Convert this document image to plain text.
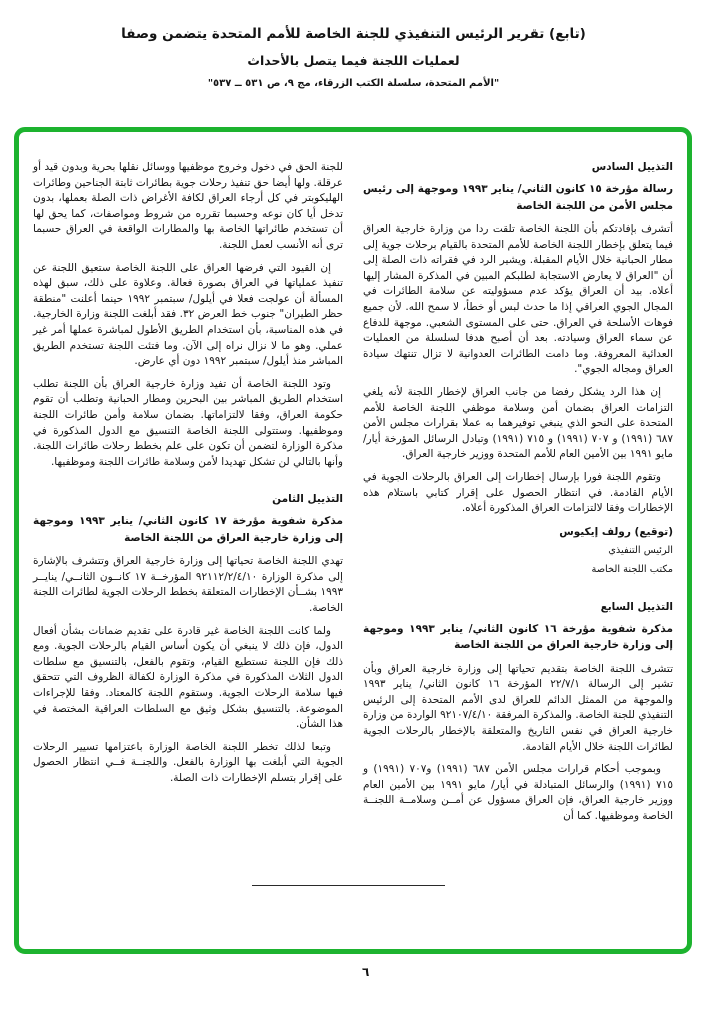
(تابع) تقرير الرئيس التنفيذي للجنة الخاصة للأمم المتحدة يتضمن وصفا

لعمليات اللجنة فيما يتصل بالأحداث

"الأمم المتحدة، سلسلة الكتب الزرقاء، مج ٩، ص ٥٣١ ــ ٥٣٧"

التذييل السادس

رسالة مؤرخة ١٥ كانون الثاني/ يناير ١٩٩٣ وموجهة إلى رئيس مجلس الأمن من اللجنة الخاصة

أتشرف بإفادتكم بأن اللجنة الخاصة تلقت ردا من وزارة خارجية العراق فيما يتعلق بإخطار اللجنة الخاصة للأمم المتحدة بالقيام برحلات جوية إلى مطار الحبانية خلال الأيام المقبلة. ويشير الرد في فقراته ذات الصلة إلى أن "العراق لا يعارض الاستجابة لطلبكم المبين في المذكرة المشار إليها أعلاه. بيد أن العراق يؤكد عدم مسؤوليته عن سلامة الطائرات في المجال الجوي العراقي إذا ما حدث لبس أو خطأ، لا سمح الله. لأن جميع فوهات الأسلحة في العراق. حتى على المستوى الشعبي. موجهة للدفاع عن سماء العراق وسيادته. بعد أن أصبح هدفا لسلسلة من العمليات العدائية المعروفة. وما دامت الطائرات العدوانية لا تزال تنتهك سيادة العراق ومجاله الجوي".

إن هذا الرد يشكل رفضا من جانب العراق لإخطار اللجنة لأنه يلغي التزامات العراق بضمان أمن وسلامة موظفي اللجنة الخاصة للأمم المتحدة على النحو الذي ينبغي توفيرهما به عملا بقرارات مجلس الأمن ٦٨٧ (١٩٩١) و ٧٠٧ (١٩٩١) و ٧١٥ (١٩٩١) وتبادل الرسائل المؤرخة أيار/ مايو ١٩٩١ بين الأمين العام للأمم المتحدة ووزير خارجية العراق.

وتقوم اللجنة فورا بإرسال إخطارات إلى العراق بالرحلات الجوية في الأيام القادمة. في انتظار الحصول على إقرار كتابي باستلام هذه الإخطارات وفقا لالتزامات العراق المذكورة أعلاه.

(توقيع) رولف إيكيوس

الرئيس التنفيذي

مكتب اللجنة الخاصة

التذييل السابع

مذكرة شفوية مؤرخة ١٦ كانون الثاني/ يناير ١٩٩٣ وموجهة إلى وزارة خارجية العراق من اللجنة الخاصة

تتشرف اللجنة الخاصة بتقديم تحياتها إلى وزارة خارجية العراق وبأن تشير إلى الرسالة ٢٢/٧/١ المؤرخة ١٦ كانون الثاني/ يناير ١٩٩٣ والموجهة من الممثل الدائم للعراق لدى الأمم المتحدة إلى الرئيس التنفيذي للجنة الخاصة. والمذكرة المرفقة ٩٢١٠٧/٤/١٠ الواردة من وزارة خارجية العراق في نفس التاريخ والمتعلقة بالإخطار بالرحلات الجوية لطائرات اللجنة خلال الأيام القادمة.

وبموجب أحكام قرارات مجلس الأمن ٦٨٧ (١٩٩١) و٧٠٧ (١٩٩١) و ٧١٥ (١٩٩١) والرسائل المتبادلة في أيار/ مايو ١٩٩١ بين الأمين العام ووزير خارجية العراق، فإن العراق مسؤول عن أمــن وسلامــة اللجنــة الخاصة وموظفيها. كما أن

للجنة الحق في دخول وخروج موظفيها ووسائل نقلها بحرية وبدون قيد أو عرقلة. ولها أيضا حق تنفيذ رحلات جوية بطائرات ثابتة الجناحين وطائرات الهليكوبتر في كل أرجاء العراق لكافة الأغراض ذات الصلة بعملها، بدون تدخل أيا كان نوعه وحسبما تقرره من شروط ومواصفات، كما يحق لها أن تستخدم طائراتها الخاصة بها والمطارات الواقعة في العراق حسبما ترى أنه الأنسب لعمل اللجنة.

إن القيود التي فرضها العراق على اللجنة الخاصة ستعيق اللجنة عن تنفيذ عملياتها في العراق بصورة فعالة. وعلاوة على ذلك، سبق لهذه المسألة أن عولجت فعلا في أيلول/ سبتمبر ١٩٩٢ حينما أعلنت "منطقة حظر الطيران" جنوب خط العرض ٣٢. فقد أبلغت اللجنة وزارة الخارجية. في هذه المناسبة، بأن استخدام الطريق الأطول لمباشرة عملها أمر غير عملي. وهو ما لا نزال نراه إلى الآن. وما فتئت اللجنة تستخدم الطريق المباشر منذ أيلول/ سبتمبر ١٩٩٢ دون أي عارض.

وتود اللجنة الخاصة أن تفيد وزارة خارجية العراق بأن اللجنة تطلب استخدام الطريق المباشر بين البحرين ومطار الحبانية وتطلب أن تقوم حكومة العراق، وفقا لالتزاماتها. بضمان سلامة وأمن طائرات اللجنة وموظفيها. وستتولى اللجنة الخاصة التنسيق مع الدول المذكورة في مذكرة الوزارة لتضمن أن تكون على علم بخطط رحلات طائرات اللجنة. وأنها بالتالي لن تشكل تهديدا لأمن وسلامة طائرات اللجنة وموظفيها.

التذييل الثامن

مذكرة شفوية مؤرخة ١٧ كانون الثاني/ يناير ١٩٩٣ وموجهة إلى وزارة خارجية العراق من اللجنة الخاصة

تهدي اللجنة الخاصة تحياتها إلى وزارة خارجية العراق وتتشرف بالإشارة إلى مذكرة الوزارة ٩٢١١٢/٢/٤/١٠ المؤرخــة ١٧ كانــون الثانــي/ ينايــر ١٩٩٣ بشــأن الإخطارات المتعلقة بخطط الرحلات الجوية لطائرات اللجنة الخاصة.

ولما كانت اللجنة الخاصة غير قادرة على تقديم ضمانات بشأن أفعال الدول، فإن ذلك لا ينبغي أن يكون أساس القيام بالرحلات الجوية. ومع ذلك فإن اللجنة تستطيع القيام، وتقوم بالفعل، بالتنسيق مع سلطات الدول الثلاث المذكورة في مذكرة الوزارة لكفالة الظروف التي تتحقق فيها سلامة الرحلات الجوية. وستقوم اللجنة كالمعتاد. وفقا للإجراءات الموضوعة. بالتنسيق بشكل وثيق مع السلطات العراقية المختصة في هذا الشأن.

وتبعا لذلك تخطر اللجنة الخاصة الوزارة باعتزامها تسيير الرحلات الجوية التي أبلغت بها الوزارة بالفعل. واللجنــة فــي انتظار الحصول على إقرار بتسلم الإخطارات ذات الصلة.

٦
